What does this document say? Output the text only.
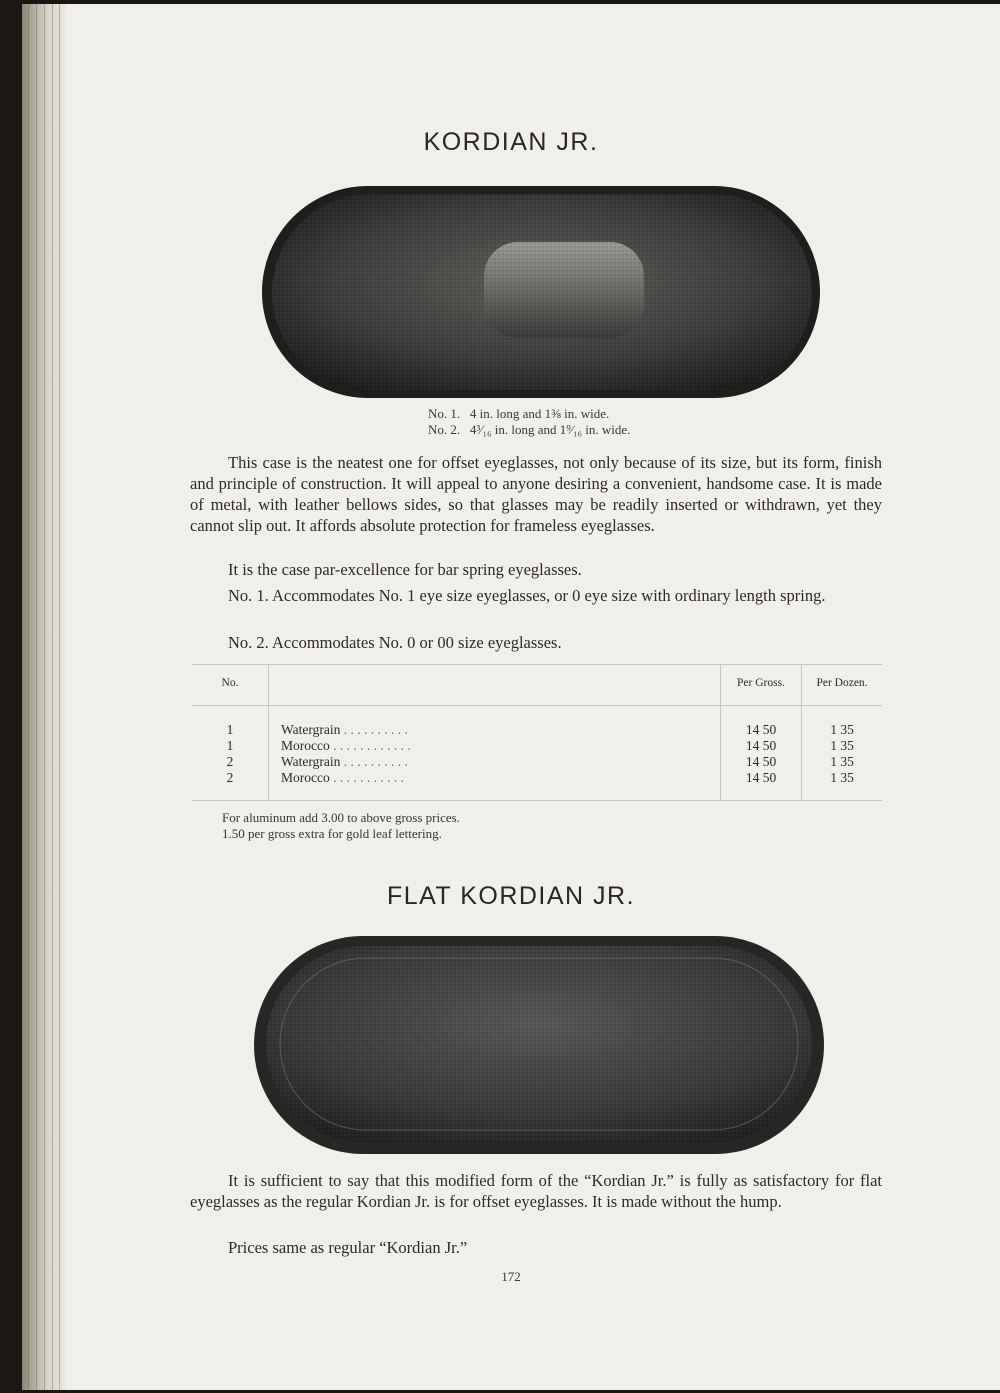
KORDIAN JR.
No. 1. 4 in. long and 1⅜ in. wide.
No. 2. 4³⁄₁₆ in. long and 1⁹⁄₁₆ in. wide.

This case is the neatest one for offset eyeglasses, not only because of its size, but its form, finish and principle of construction. It will appeal to anyone desiring a convenient, handsome case. It is made of metal, with leather bellows sides, so that glasses may be readily inserted or withdrawn, yet they cannot slip out. It affords absolute protection for frameless eyeglasses.

It is the case par-excellence for bar spring eyeglasses.

No. 1. Accommodates No. 1 eye size eyeglasses, or 0 eye size with ordinary length spring.

No. 2. Accommodates No. 0 or 00 size eyeglasses.

No.		Per Gross.	Per Dozen.
1	Watergrain . . . . . . . . . .	14 50	1 35
1	Morocco . . . . . . . . . . . .	14 50	1 35
2	Watergrain . . . . . . . . . .	14 50	1 35
2	Morocco . . . . . . . . . . .	14 50	1 35
For aluminum add 3.00 to above gross prices.
1.50 per gross extra for gold leaf lettering.
FLAT KORDIAN JR.

It is sufficient to say that this modified form of the “Kordian Jr.” is fully as satisfactory for flat eyeglasses as the regular Kordian Jr. is for offset eyeglasses. It is made without the hump.

Prices same as regular “Kordian Jr.”

172
